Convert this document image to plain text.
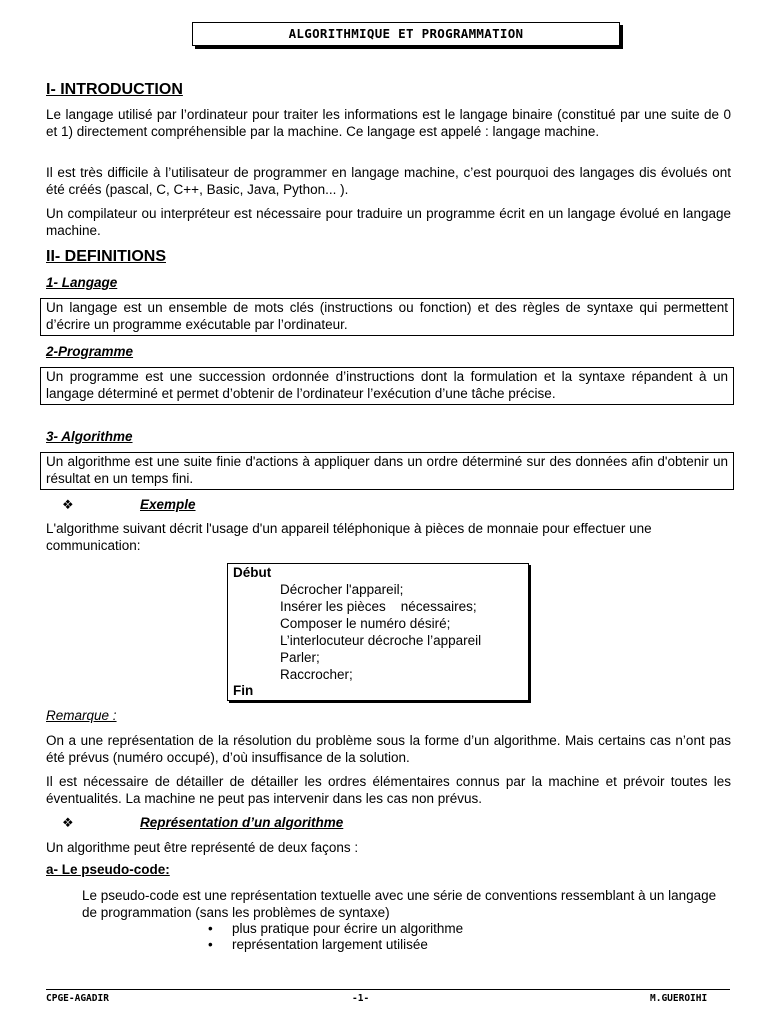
ALGORITHMIQUE ET PROGRAMMATION
I- INTRODUCTION
Le langage utilisé par l’ordinateur pour traiter les informations est le langage binaire (constitué par une suite de 0 et 1) directement compréhensible par la machine. Ce langage est appelé : langage machine.
Il est très difficile à l’utilisateur de programmer en langage machine, c’est pourquoi des langages dis évolués ont été créés (pascal, C, C++, Basic, Java, Python... ).
Un compilateur ou interpréteur est nécessaire pour traduire un programme écrit en un langage évolué en langage machine.
II- DEFINITIONS
1- Langage
Un langage est un ensemble de mots clés (instructions ou fonction) et des règles de syntaxe qui permettent d’écrire un programme exécutable par l’ordinateur.
2-Programme
Un programme est une succession ordonnée d’instructions dont la formulation et la syntaxe répandent à un langage déterminé et permet d’obtenir de l’ordinateur l’exécution d’une tâche précise.
3- Algorithme
Un algorithme est une suite finie d'actions à appliquer dans un ordre déterminé sur des données afin d'obtenir un résultat en un temps fini.
❖	Exemple
L'algorithme suivant décrit l'usage d'un appareil téléphonique à pièces de monnaie pour effectuer une communication:
Début
Décrocher l'appareil;
Insérer les pièces    nécessaires;
Composer le numéro désiré;
L’interlocuteur décroche l’appareil
Parler;
Raccrocher;
Fin
Remarque :
On a une représentation de la résolution du problème sous la forme d’un algorithme. Mais certains cas n’ont pas été prévus (numéro occupé), d’où insuffisance de la solution.
Il est nécessaire de détailler de détailler les ordres élémentaires connus par la machine et prévoir toutes les éventualités. La machine ne peut pas intervenir dans les cas non prévus.
❖	Représentation d’un algorithme
Un algorithme peut être représenté de deux façons :
a- Le pseudo-code:
Le pseudo-code est une représentation textuelle avec une série de conventions ressemblant à un langage de programmation (sans les problèmes de syntaxe)
• plus pratique pour écrire un algorithme
• représentation largement utilisée
CPGE-AGADIR	-1-	M.GUEROIHI
